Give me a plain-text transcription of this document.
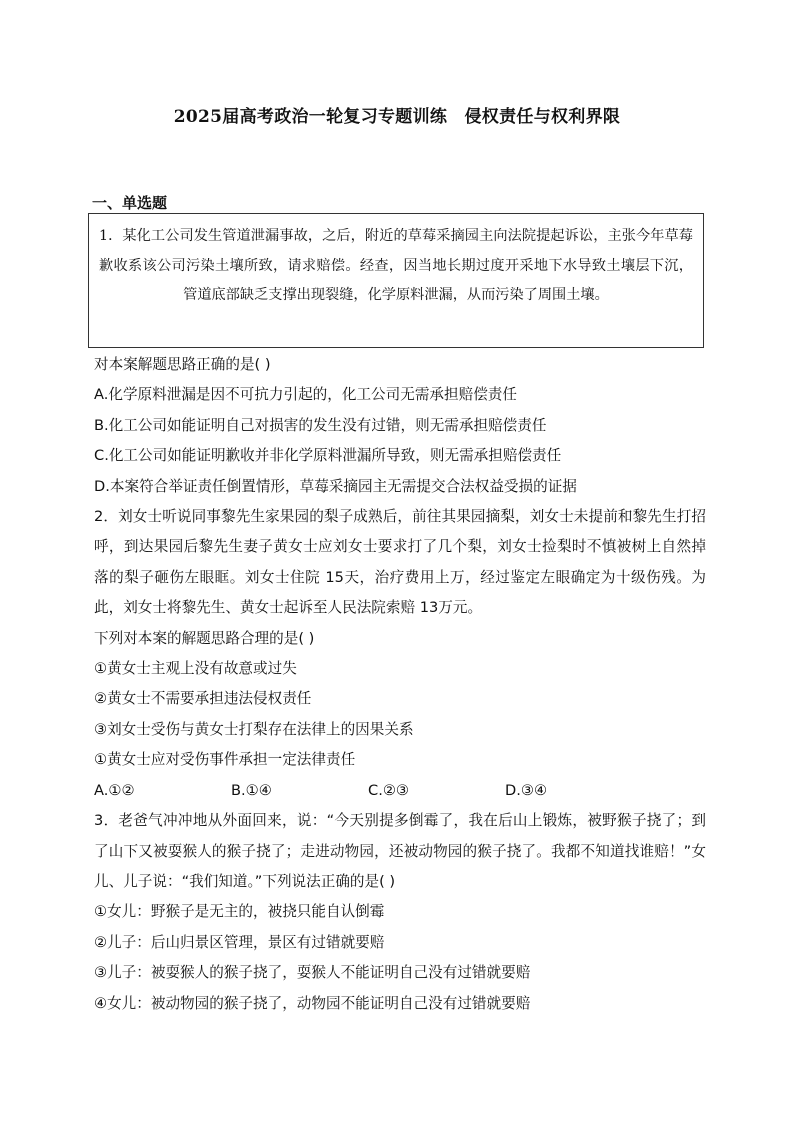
2025届高考政治一轮复习专题训练　侵权责任与权利界限
一、单选题
1．某化工公司发生管道泄漏事故，之后，附近的草莓采摘园主向法院提起诉讼，主张今年草莓歉收系该公司污染土壤所致，请求赔偿。经查，因当地长期过度开采地下水导致土壤层下沉，管道底部缺乏支撑出现裂缝，化学原料泄漏，从而污染了周围土壤。

对本案解题思路正确的是( )

A.化学原料泄漏是因不可抗力引起的，化工公司无需承担赔偿责任

B.化工公司如能证明自己对损害的发生没有过错，则无需承担赔偿责任

C.化工公司如能证明歉收并非化学原料泄漏所导致，则无需承担赔偿责任

D.本案符合举证责任倒置情形，草莓采摘园主无需提交合法权益受损的证据

2．刘女士听说同事黎先生家果园的梨子成熟后，前往其果园摘梨，刘女士未提前和黎先生打招呼，到达果园后黎先生妻子黄女士应刘女士要求打了几个梨，刘女士捡梨时不慎被树上自然掉落的梨子砸伤左眼眶。刘女士住院 15天，治疗费用上万，经过鉴定左眼确定为十级伤残。为此，刘女士将黎先生、黄女士起诉至人民法院索赔 13万元。

下列对本案的解题思路合理的是( )

①黄女士主观上没有故意或过失

②黄女士不需要承担违法侵权责任

③刘女士受伤与黄女士打梨存在法律上的因果关系

①黄女士应对受伤事件承担一定法律责任

A.①②	B.①④	C.②③	D.③④

3．老爸气冲冲地从外面回来，说：“今天别提多倒霉了，我在后山上锻炼，被野猴子挠了；到了山下又被耍猴人的猴子挠了；走进动物园，还被动物园的猴子挠了。我都不知道找谁赔！”女儿、儿子说：“我们知道。”下列说法正确的是( )

①女儿：野猴子是无主的，被挠只能自认倒霉

②儿子：后山归景区管理，景区有过错就要赔

③儿子：被耍猴人的猴子挠了，耍猴人不能证明自己没有过错就要赔

④女儿：被动物园的猴子挠了，动物园不能证明自己没有过错就要赔
